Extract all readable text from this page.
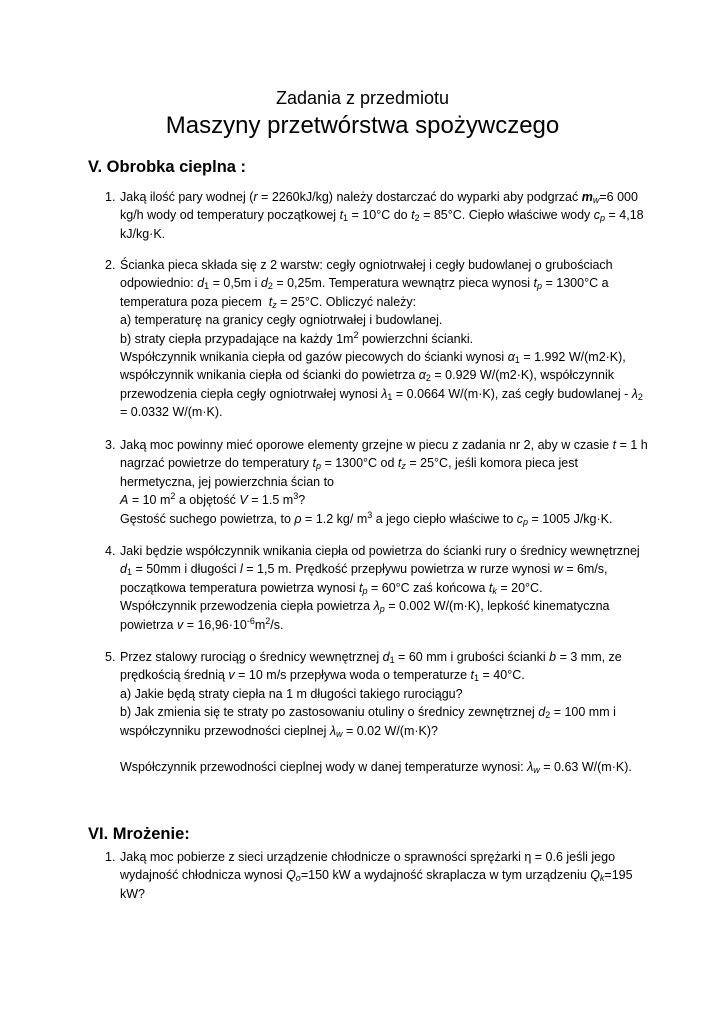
Zadania z przedmiotu
Maszyny przetwórstwa spożywczego
V. Obrobka cieplna :
1. Jaką ilość pary wodnej (r = 2260kJ/kg) należy dostarczać do wyparki aby podgrzać $m_w=6$ 000
kg/h wody od temperatury początkowej $t_1 = 10^\circ C$ do $t_2 = 85^\circ C$. Ciepło właściwe wody $c_p = 4,18$
kJ/kg·K.
2. Ścianka pieca składa się z 2 warstw: cegły ogniotrwałej i cegły budowlanej o grubościach
odpowiednio: $d_1 = 0,5m$ i $d_2 = 0,25m$. Temperatura wewnątrz pieca wynosi $t_p = 1300^\circ C$ a
temperatura poza piecem  $t_z = 25^\circ C$. Obliczyć należy:
a) temperaturę na granicy cegły ogniotrwałej i budowlanej.
b) straty ciepła przypadające na każdy $1m^2$ powierzchni ścianki.
Współczynnik wnikania ciepła od gazów piecowych do ścianki wynosi $\alpha_1 = 1.992$ W/(m2·K),
współczynnik wnikania ciepła od ścianki do powietrza $\alpha_2 = 0.929$ W/(m2·K), współczynnik
przewodzenia ciepła cegły ogniotrwałej wynosi $\lambda_1 = 0.0664$ W/(m·K), zaś cegły budowlanej - $\lambda_2$
= 0.0332 W/(m·K).
3. Jaką moc powinny mieć oporowe elementy grzejne w piecu z zadania nr 2, aby w czasie t = 1 h
nagrzać powietrze do temperatury $t_p = 1300^\circ C$ od $t_z = 25^\circ C$, jeśli komora pieca jest
hermetyczna, jej powierzchnia ścian to
A = 10 $m^2$ a objętość V = 1.5 $m^3$?
Gęstość suchego powietrza, to ρ = 1.2 kg/ $m^3$ a jego ciepło właściwe to $c_p = 1005$ J/kg·K.
4. Jaki będzie współczynnik wnikania ciepła od powietrza do ścianki rury o średnicy wewnętrznej
$d_1 = 50mm$ i długości l = 1,5 m. Prędkość przepływu powietrza w rurze wynosi w = 6m/s,
początkowa temperatura powietrza wynosi $t_p = 60^\circ C$ zaś końcowa $t_k = 20^\circ C$.
Współczynnik przewodzenia ciepła powietrza $\lambda_p = 0.002$ W/(m·K), lepkość kinematyczna
powietrza $v = 16,96\cdot 10^{-6}m^2/s$.
5. Przez stalowy rurociąg o średnicy wewnętrznej $d_1 = 60$ mm i grubości ścianki b = 3 mm, ze
prędkością średnią v = 10 m/s przepływa woda o temperaturze $t_1 = 40^\circ C$.
a) Jakie będą straty ciepła na 1 m długości takiego rurociągu?
b) Jak zmienia się te straty po zastosowaniu otuliny o średnicy zewnętrznej $d_2 = 100$ mm i
współczynniku przewodności cieplnej $\lambda_w = 0.02$ W/(m·K)?

Współczynnik przewodności cieplnej wody w danej temperaturze wynosi: $\lambda_w = 0.63$ W/(m·K).
VI. Mrożenie:
1. Jaką moc pobierze z sieci urządzenie chłodnicze o sprawności sprężarki η = 0.6 jeśli jego
wydajność chłodnicza wynosi $Q_o=150$ kW a wydajność skraplacza w tym urządzeniu $Q_k=195$
kW?
